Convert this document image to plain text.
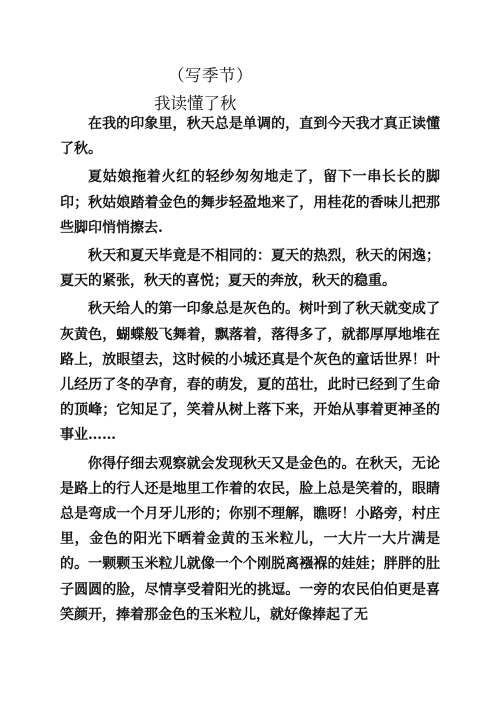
（写季节）
我读懂了秋

在我的印象里，秋天总是单调的，直到今天我才真正读懂了秋。

夏姑娘拖着火红的轻纱匆匆地走了，留下一串长长的脚印；秋姑娘踏着金色的舞步轻盈地来了，用桂花的香味儿把那些脚印悄悄擦去.

秋天和夏天毕竟是不相同的：夏天的热烈，秋天的闲逸；夏天的紧张，秋天的喜悦；夏天的奔放，秋天的稳重。

秋天给人的第一印象总是灰色的。树叶到了秋天就变成了灰黄色，蝴蝶般飞舞着，飘落着，落得多了，就都厚厚地堆在路上，放眼望去，这时候的小城还真是个灰色的童话世界！叶儿经历了冬的孕育，春的萌发，夏的茁壮，此时已经到了生命的顶峰；它知足了，笑着从树上落下来，开始从事着更神圣的事业……

你得仔细去观察就会发现秋天又是金色的。在秋天，无论是路上的行人还是地里工作着的农民，脸上总是笑着的，眼睛总是弯成一个月牙儿形的；你别不理解，瞧呀！小路旁，村庄里，金色的阳光下晒着金黄的玉米粒儿，一大片一大片满是的。一颗颗玉米粒儿就像一个个刚脱离襁褓的娃娃；胖胖的肚子圆圆的脸，尽情享受着阳光的挑逗。一旁的农民伯伯更是喜笑颜开，捧着那金色的玉米粒儿，就好像捧起了无
